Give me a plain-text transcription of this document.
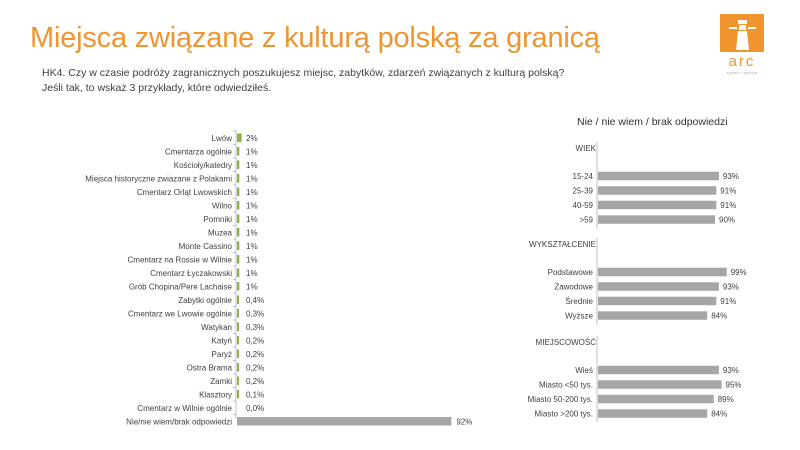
Miejsca związane z kulturą polską za granicą
HK4. Czy w czasie podróży zagranicznych poszukujesz miejsc, zabytków, zdarzeń związanych z kulturą polską?
Jeśli tak, to wskaż 3 przykłady, które odwiedziłeś.
arc
rynek i opinia
Nie / nie wiem / brak odpowiedzi
Lwów 2%
Cmentarza ogólnie 1%
Kościoły/katedry 1%
Miejsca historyczne zwiazane z Polakami 1%
Cmentarz Orląt Lwowskich 1%
Wilno 1%
Pomniki 1%
Muzea 1%
Monte Cassino 1%
Cmentarz na Rossie w Wilnie 1%
Cmentarz Łyczakowski 1%
Grób Chopina/Pere Lachaise 1%
Zabytki ogólnie 0,4%
Cmentarz we Lwowie ogólnie 0,3%
Watykan 0,3%
Katyń 0,2%
Paryż 0,2%
Ostra Brama 0,2%
Zamki 0,2%
Klasztory 0,1%
Cmentarz w Wilnie ogólnie 0,0%
Nie/nie wiem/brak odpowiedzi	92%
WIEK
15-24	93%
25-39	91%
40-59	91%
>59	90%
WYKSZTAŁCENIE
Podstawowe	99%
Zawodowe	93%
Średnie	91%
Wyższe	84%
MIEJSCOWOŚĆ
Wieś	93%
Miasto <50 tys.	95%
Miasto 50-200 tys.	89%
Miasto >200 tys.	84%
